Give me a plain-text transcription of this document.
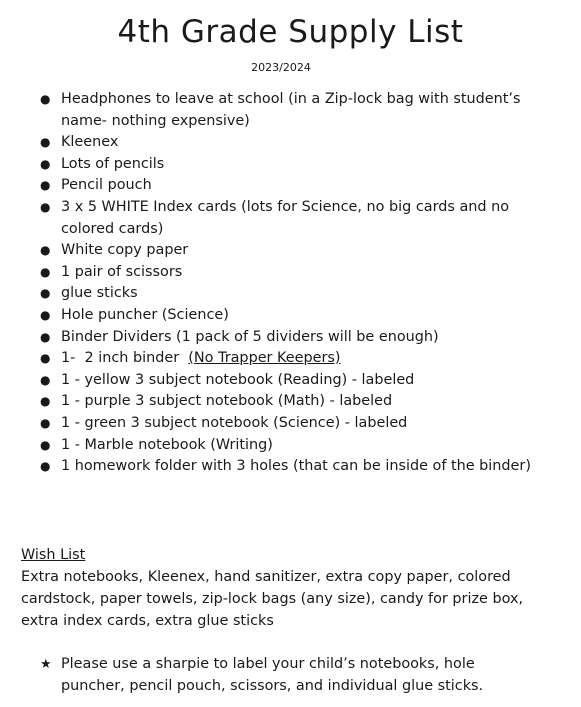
4th Grade Supply List

2023/2024

● Headphones to leave at school (in a Zip-lock bag with student’s name- nothing expensive)
● Kleenex
● Lots of pencils
● Pencil pouch
● 3 x 5 WHITE Index cards (lots for Science, no big cards and no colored cards)
● White copy paper
● 1 pair of scissors
● glue sticks
● Hole puncher (Science)
● Binder Dividers (1 pack of 5 dividers will be enough)
● 1-  2 inch binder  (No Trapper Keepers)
● 1 - yellow 3 subject notebook (Reading) - labeled
● 1 - purple 3 subject notebook (Math) - labeled
● 1 - green 3 subject notebook (Science) - labeled
● 1 - Marble notebook (Writing)
● 1 homework folder with 3 holes (that can be inside of the binder)

Wish List

Extra notebooks, Kleenex, hand sanitizer, extra copy paper, colored cardstock, paper towels, zip-lock bags (any size), candy for prize box, extra index cards, extra glue sticks

★ Please use a sharpie to label your child’s notebooks, hole puncher, pencil pouch, scissors, and individual glue sticks.
